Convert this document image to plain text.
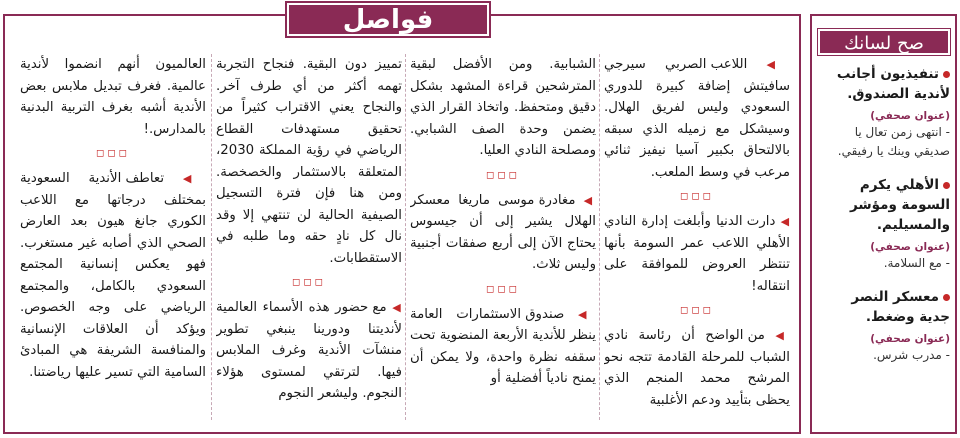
فواصل

◀ اللاعب الصربي سيرجي سافيتش إضافة كبيرة للدوري السعودي وليس لفريق الهلال. وسيشكل مع زميله الذي سبقه بالالتحاق بكبير آسيا نيفيز ثنائي مرعب في وسط الملعب.

◻◻◻

◀ دارت الدنيا وأبلغت إدارة النادي الأهلي اللاعب عمر السومة بأنها تنتظر العروض للموافقة على انتقاله!

◻◻◻

◀ من الواضح أن رئاسة نادي الشباب للمرحلة القادمة تتجه نحو المرشح محمد المنجم الذي يحظى بتأييد ودعم الأغلبية

الشبابية. ومن الأفضل لبقية المترشحين قراءة المشهد بشكل دقيق ومتحفظ. واتخاذ القرار الذي يضمن وحدة الصف الشبابي. ومصلحة النادي العليا.

◻◻◻

◀ مغادرة موسى ماريغا معسكر الهلال يشير إلى أن جيسوس يحتاج الآن إلى أربع صفقات أجنبية وليس ثلاث.

◻◻◻

◀ صندوق الاستثمارات العامة ينظر للأندية الأربعة المنضوية تحت سقفه نظرة واحدة، ولا يمكن أن يمنح نادياً أفضلية أو

تمييز دون البقية. فنجاح التجربة تهمه أكثر من أي طرف آخر. والنجاح يعني الاقتراب كثيراً من تحقيق مستهدفات القطاع الرياضي في رؤية المملكة 2030، المتعلقة بالاستثمار والخصخصة. ومن هنا فإن فترة التسجيل الصيفية الحالية لن تنتهي إلا وقد نال كل نادٍ حقه وما طلبه في الاستقطابات.

◻◻◻

◀ مع حضور هذه الأسماء العالمية لأنديتنا ودورينا ينبغي تطوير منشآت الأندية وغرف الملابس فيها. لترتقي لمستوى هؤلاء النجوم. وليشعر النجوم

العالميون أنهم انضموا لأندية عالمية. فغرف تبديل ملابس بعض الأندية أشبه بغرف التربية البدنية بالمدارس.!

◻◻◻

◀ تعاطف الأندية السعودية بمختلف درجاتها مع اللاعب الكوري جانغ هيون بعد العارض الصحي الذي أصابه غير مستغرب. فهو يعكس إنسانية المجتمع السعودي بالكامل، والمجتمع الرياضي على وجه الخصوص. ويؤكد أن العلاقات الإنسانية والمنافسة الشريفة هي المبادئ السامية التي تسير عليها رياضتنا.

صح لسانك
تنفيذيون أجانب لأندية الصندوق.
(عنوان صحفي)
- انتهى زمن تعال يا صديقي وينك يا رفيقي.
الأهلي يكرم السومة ومؤشر والمسيليم.
(عنوان صحفي)
- مع السلامة.
معسكر النصر جدية وضغط.
(عنوان صحفي)
- مدرب شرس.
